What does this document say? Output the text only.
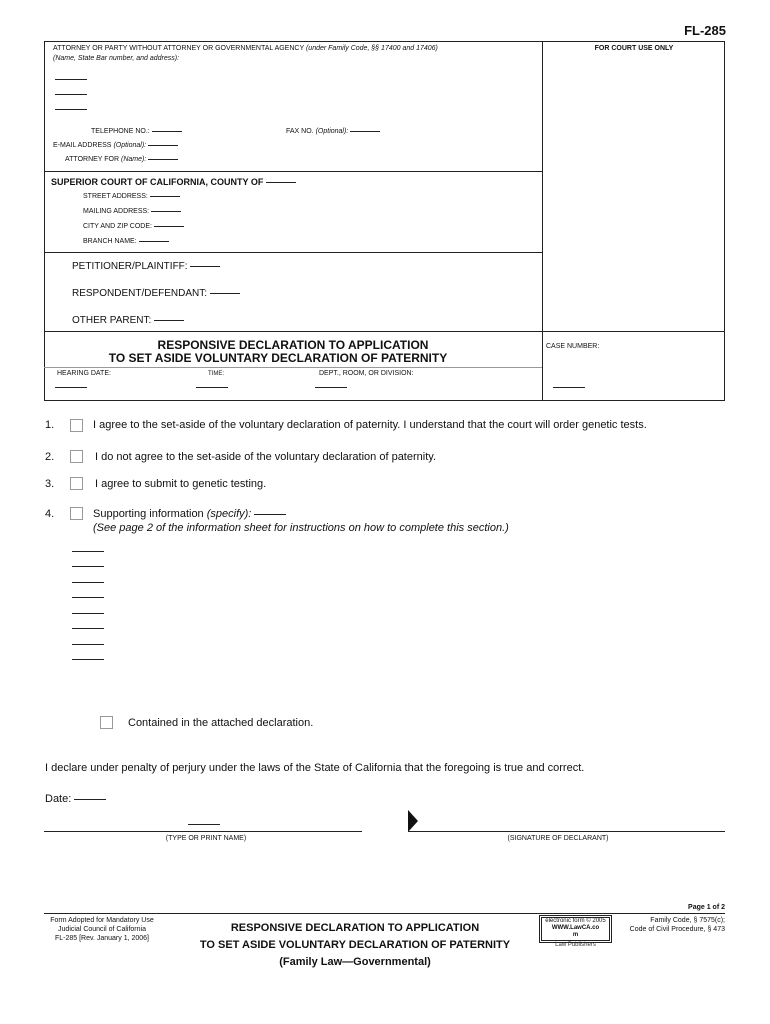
FL-285
ATTORNEY OR PARTY WITHOUT ATTORNEY OR GOVERNMENTAL AGENCY (under Family Code, §§ 17400 and 17406)
(Name, State Bar number, and address):
FOR COURT USE ONLY
TELEPHONE NO.:	FAX NO. (Optional):
E-MAIL ADDRESS (Optional):
ATTORNEY FOR (Name):
SUPERIOR COURT OF CALIFORNIA, COUNTY OF
STREET ADDRESS:
MAILING ADDRESS:
CITY AND ZIP CODE:
BRANCH NAME:
PETITIONER/PLAINTIFF:
RESPONDENT/DEFENDANT:
OTHER PARENT:
RESPONSIVE DECLARATION TO APPLICATION
TO SET ASIDE VOLUNTARY DECLARATION OF PATERNITY
CASE NUMBER:
HEARING DATE:	TIME:	DEPT., ROOM, OR DIVISION:
1.	I agree to the set-aside of the voluntary declaration of paternity. I understand that the court will order genetic tests.
2.	I do not agree to the set-aside of the voluntary declaration of paternity.
3.	I agree to submit to genetic testing.
4.	Supporting information (specify):
(See page 2 of the information sheet for instructions on how to complete this section.)
Contained in the attached declaration.
I declare under penalty of perjury under the laws of the State of California that the foregoing is true and correct.
Date:
(TYPE OR PRINT NAME)	(SIGNATURE OF DECLARANT)
Page 1 of 2
Form Adopted for Mandatory Use
Judicial Council of California
FL-285 [Rev. January 1, 2006]
RESPONSIVE DECLARATION TO APPLICATION
TO SET ASIDE VOLUNTARY DECLARATION OF PATERNITY
(Family Law—Governmental)
electronic form © 2005
WWW.LawCA.co
m
Law Publishers
Family Code, § 7575(c);
Code of Civil Procedure, § 473
